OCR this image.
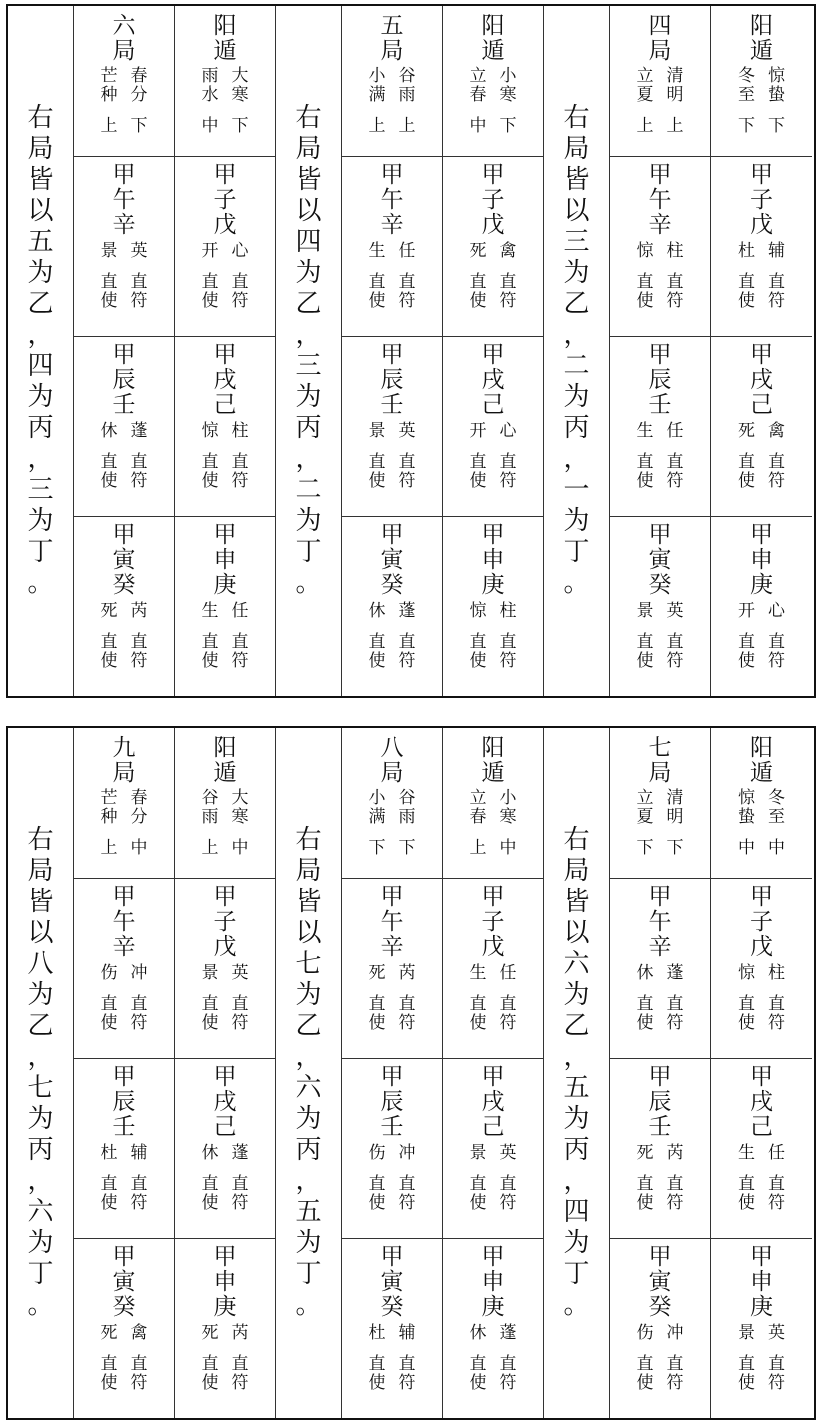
右
局
皆
以
五
为
乙
，
四
为
丙
，
三
为
丁
。
六
局
芒
种
春
分
上 下
甲
午
辛
景 英
直
使
直
符
甲
辰
壬
休 蓬
直
使
直
符
甲
寅
癸
死 芮
直
使
直
符
阳
遁
雨
水
大
寒
中 下
甲
子
戊
开 心
直
使
直
符
甲
戌
己
惊 柱
直
使
直
符
甲
申
庚
生 任
直
使
直
符
右
局
皆
以
四
为
乙
，
三
为
丙
，
二
为
丁
。
五
局
小
满
谷
雨
上 上
甲
午
辛
生 任
直
使
直
符
甲
辰
壬
景 英
直
使
直
符
甲
寅
癸
休 蓬
直
使
直
符
阳
遁
立
春
小
寒
中 下
甲
子
戊
死 禽
直
使
直
符
甲
戌
己
开 心
直
使
直
符
甲
申
庚
惊 柱
直
使
直
符
右
局
皆
以
三
为
乙
，
二
为
丙
，
一
为
丁
。
四
局
立
夏
清
明
上 上
甲
午
辛
惊 柱
直
使
直
符
甲
辰
壬
生 任
直
使
直
符
甲
寅
癸
景 英
直
使
直
符
阳
遁
冬
至
惊
蛰
下 下
甲
子
戊
杜 辅
直
使
直
符
甲
戌
己
死 禽
直
使
直
符
甲
申
庚
开 心
直
使
直
符
右
局
皆
以
八
为
乙
，
七
为
丙
，
六
为
丁
。
九
局
芒
种
春
分
上 中
甲
午
辛
伤 冲
直
使
直
符
甲
辰
壬
杜 辅
直
使
直
符
甲
寅
癸
死 禽
直
使
直
符
阳
遁
谷
雨
大
寒
上 中
甲
子
戊
景 英
直
使
直
符
甲
戌
己
休 蓬
直
使
直
符
甲
申
庚
死 芮
直
使
直
符
右
局
皆
以
七
为
乙
，
六
为
丙
，
五
为
丁
。
八
局
小
满
谷
雨
下 下
甲
午
辛
死 芮
直
使
直
符
甲
辰
壬
伤 冲
直
使
直
符
甲
寅
癸
杜 辅
直
使
直
符
阳
遁
立
春
小
寒
上 中
甲
子
戊
生 任
直
使
直
符
甲
戌
己
景 英
直
使
直
符
甲
申
庚
休 蓬
直
使
直
符
右
局
皆
以
六
为
乙
，
五
为
丙
，
四
为
丁
。
七
局
立
夏
清
明
下 下
甲
午
辛
休 蓬
直
使
直
符
甲
辰
壬
死 芮
直
使
直
符
甲
寅
癸
伤 冲
直
使
直
符
阳
遁
惊
蛰
冬
至
中 中
甲
子
戊
惊 柱
直
使
直
符
甲
戌
己
生 任
直
使
直
符
甲
申
庚
景 英
直
使
直
符
